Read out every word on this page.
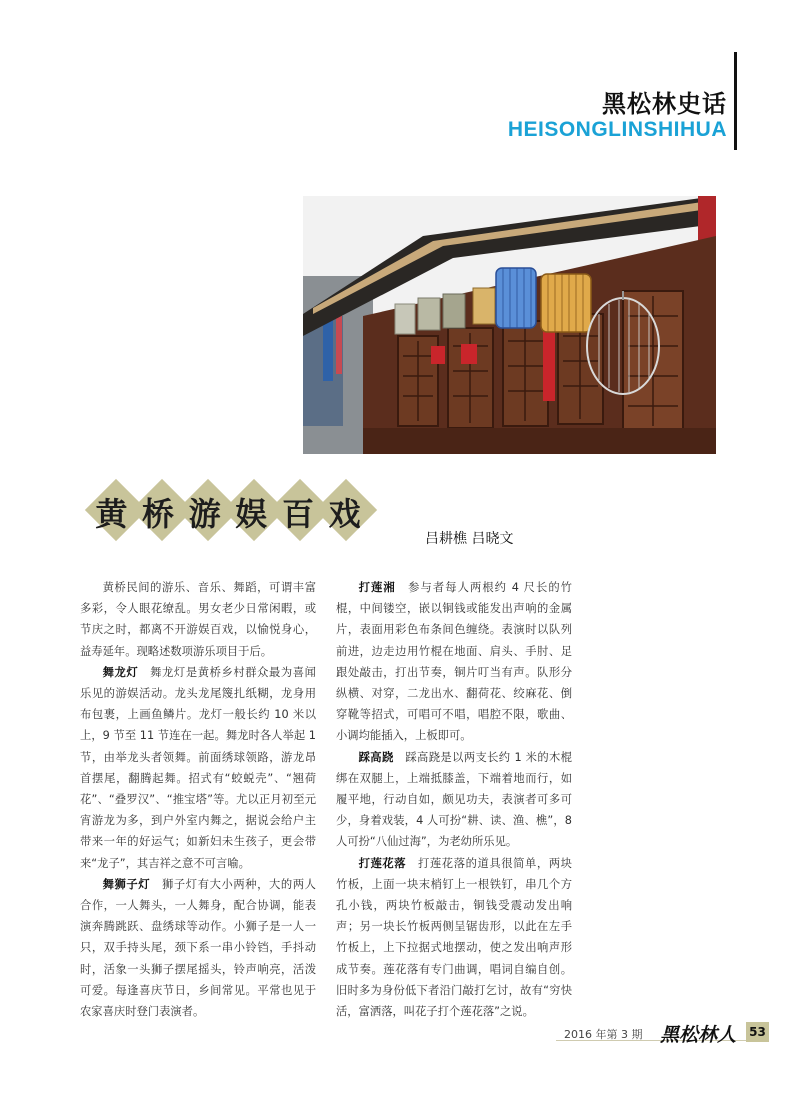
黑松林史话
HEISONGLINSHIHUA
黄 桥 游 娱 百 戏
吕耕樵 吕晓文

黄桥民间的游乐、音乐、舞蹈，可谓丰富多彩，令人眼花缭乱。男女老少日常闲暇，或节庆之时，都离不开游娱百戏，以愉悦身心，益寿延年。现略述数项游乐项目于后。

舞龙灯　 舞龙灯是黄桥乡村群众最为喜闻乐见的游娱活动。龙头龙尾篾扎纸糊，龙身用布包裹，上画鱼鳞片。龙灯一般长约 10 米以上，9 节至 11 节连在一起。舞龙时各人举起 1 节，由举龙头者领舞。前面绣球领路，游龙昂首摆尾，翻腾起舞。招式有“蛟蜕壳”、“翘荷花”、“叠罗汉”、“推宝塔”等。尤以正月初至元宵游龙为多，到户外室内舞之，据说会给户主带来一年的好运气；如新妇未生孩子，更会带来“龙子”，其吉祥之意不可言喻。

舞狮子灯　 狮子灯有大小两种，大的两人合作，一人舞头，一人舞身，配合协调，能表演奔腾跳跃、盘绣球等动作。小狮子是一人一只，双手持头尾，颈下系一串小铃铛，手抖动时，活象一头狮子摆尾摇头，铃声响亮，活泼可爱。每逢喜庆节日，乡间常见。平常也见于农家喜庆时登门表演者。

打莲湘　 参与者每人两根约 4 尺长的竹棍，中间镂空，嵌以铜钱或能发出声响的金属片，表面用彩色布条间色缠绕。表演时以队列前进，边走边用竹棍在地面、肩头、手肘、足跟处敲击，打出节奏，铜片叮当有声。队形分纵横、对穿，二龙出水、翻荷花、绞麻花、倒穿靴等招式，可唱可不唱，唱腔不限，歌曲、小调均能插入，上板即可。

踩高跷　 踩高跷是以两支长约 1 米的木棍绑在双腿上，上端抵膝盖，下端着地而行，如履平地，行动自如，颇见功夫，表演者可多可少，身着戏装，4 人可扮“耕、读、渔、樵”，8 人可扮“八仙过海”，为老幼所乐见。

打莲花落　 打莲花落的道具很简单，两块竹板，上面一块末梢钉上一根铁钉，串几个方孔小钱，两块竹板敲击，铜钱受震动发出响声；另一块长竹板两侧呈锯齿形，以此在左手竹板上，上下拉据式地摆动，使之发出响声形成节奏。莲花落有专门曲调，唱词自编自创。旧时多为身份低下者沿门敲打乞讨，故有“穷快活，富洒落，叫花子打个莲花落”之说。

2016 年第 3 期 黑松林人 53
